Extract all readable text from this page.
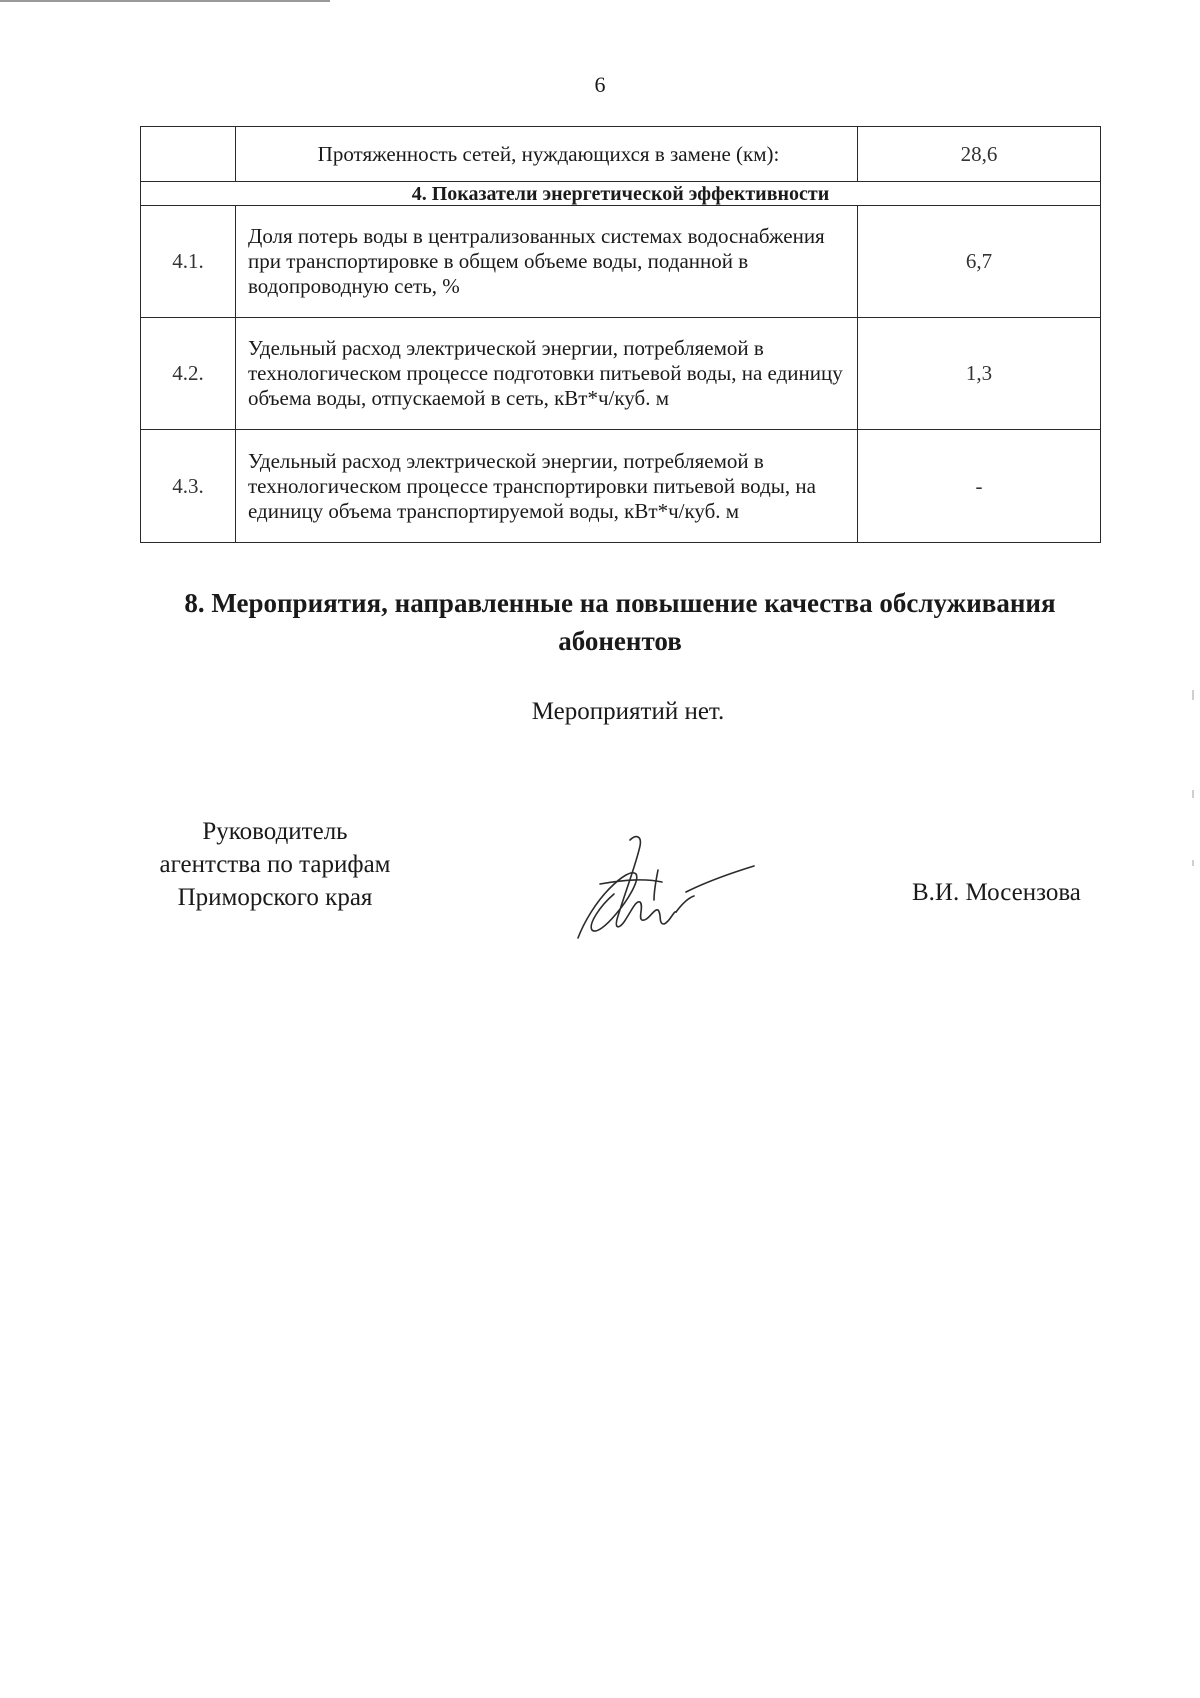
6
	Протяженность сетей, нуждающихся в замене (км):	28,6
4. Показатели энергетической эффективности		
4.1.	Доля потерь воды в централизованных системах водоснабжения при транспортировке в общем объеме воды, поданной в водопроводную сеть, %	6,7
4.2.	Удельный расход электрической энергии, потребляемой в технологическом процессе подготовки питьевой воды, на единицу объема воды, отпускаемой в сеть, кВт*ч/куб. м	1,3
4.3.	Удельный расход электрической энергии, потребляемой в технологическом процессе транспортировки питьевой воды, на единицу объема транспортируемой воды, кВт*ч/куб. м	-
8. Мероприятия, направленные на повышение качества обслуживания абонентов
Мероприятий нет.
Руководитель
агентства по тарифам
Приморского края	В.И. Мосензова
